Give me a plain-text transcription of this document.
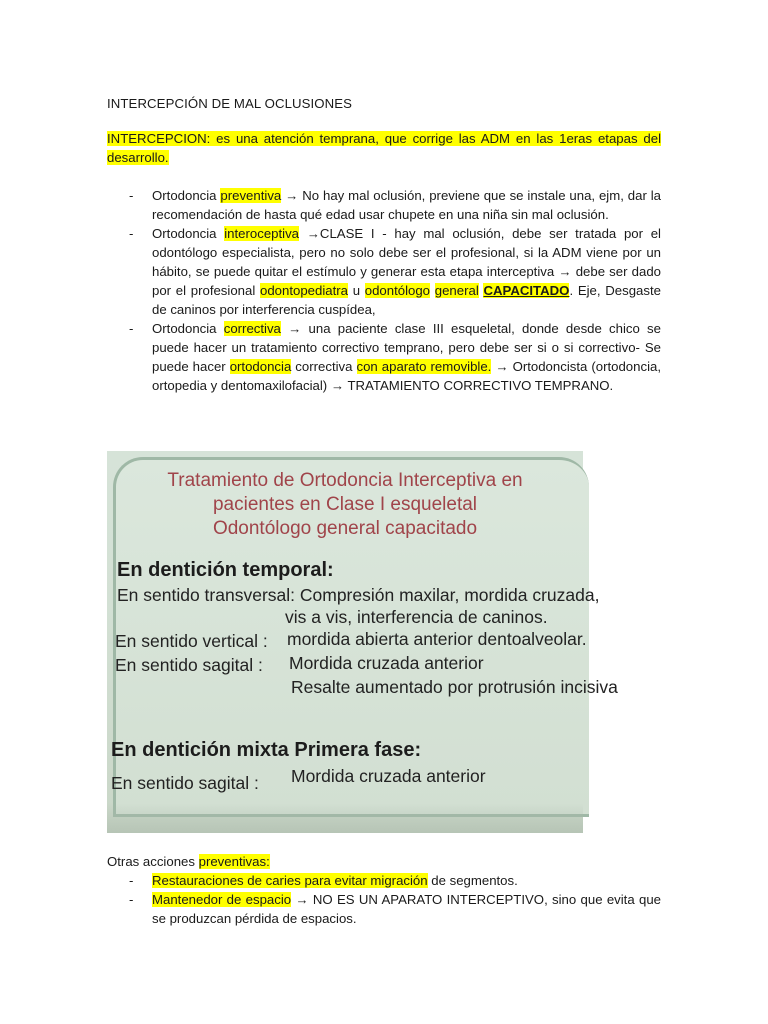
INTERCEPCIÓN DE MAL OCLUSIONES

INTERCEPCION: es una atención temprana, que corrige las ADM en las 1eras etapas del desarrollo.

- Ortodoncia preventiva → No hay mal oclusión, previene que se instale una, ejm, dar la recomendación de hasta qué edad usar chupete en una niña sin mal oclusión.
- Ortodoncia interoceptiva →CLASE I - hay mal oclusión, debe ser tratada por el odontólogo especialista, pero no solo debe ser el profesional, si la ADM viene por un hábito, se puede quitar el estímulo y generar esta etapa interceptiva → debe ser dado por el profesional odontopediatra u odontólogo general CAPACITADO. Eje, Desgaste de caninos por interferencia cuspídea,
- Ortodoncia correctiva → una paciente clase III esqueletal, donde desde chico se puede hacer un tratamiento correctivo temprano, pero debe ser si o si correctivo- Se puede hacer ortodoncia correctiva con aparato removible. → Ortodoncista (ortodoncia, ortopedia y dentomaxilofacial) → TRATAMIENTO CORRECTIVO TEMPRANO.
Tratamiento de Ortodoncia Interceptiva en
pacientes en Clase I esqueletal
Odontólogo general capacitado
En dentición temporal:
En sentido transversal: Compresión maxilar, mordida cruzada,
vis a vis, interferencia de caninos.
En sentido vertical : mordida abierta anterior dentoalveolar.
En sentido sagital : Mordida cruzada anterior
Resalte aumentado por protrusión incisiva
En dentición mixta Primera fase:
En sentido sagital : Mordida cruzada anterior
Otras acciones preventivas:
- Restauraciones de caries para evitar migración de segmentos.
- Mantenedor de espacio → NO ES UN APARATO INTERCEPTIVO, sino que evita que se produzcan pérdida de espacios.
